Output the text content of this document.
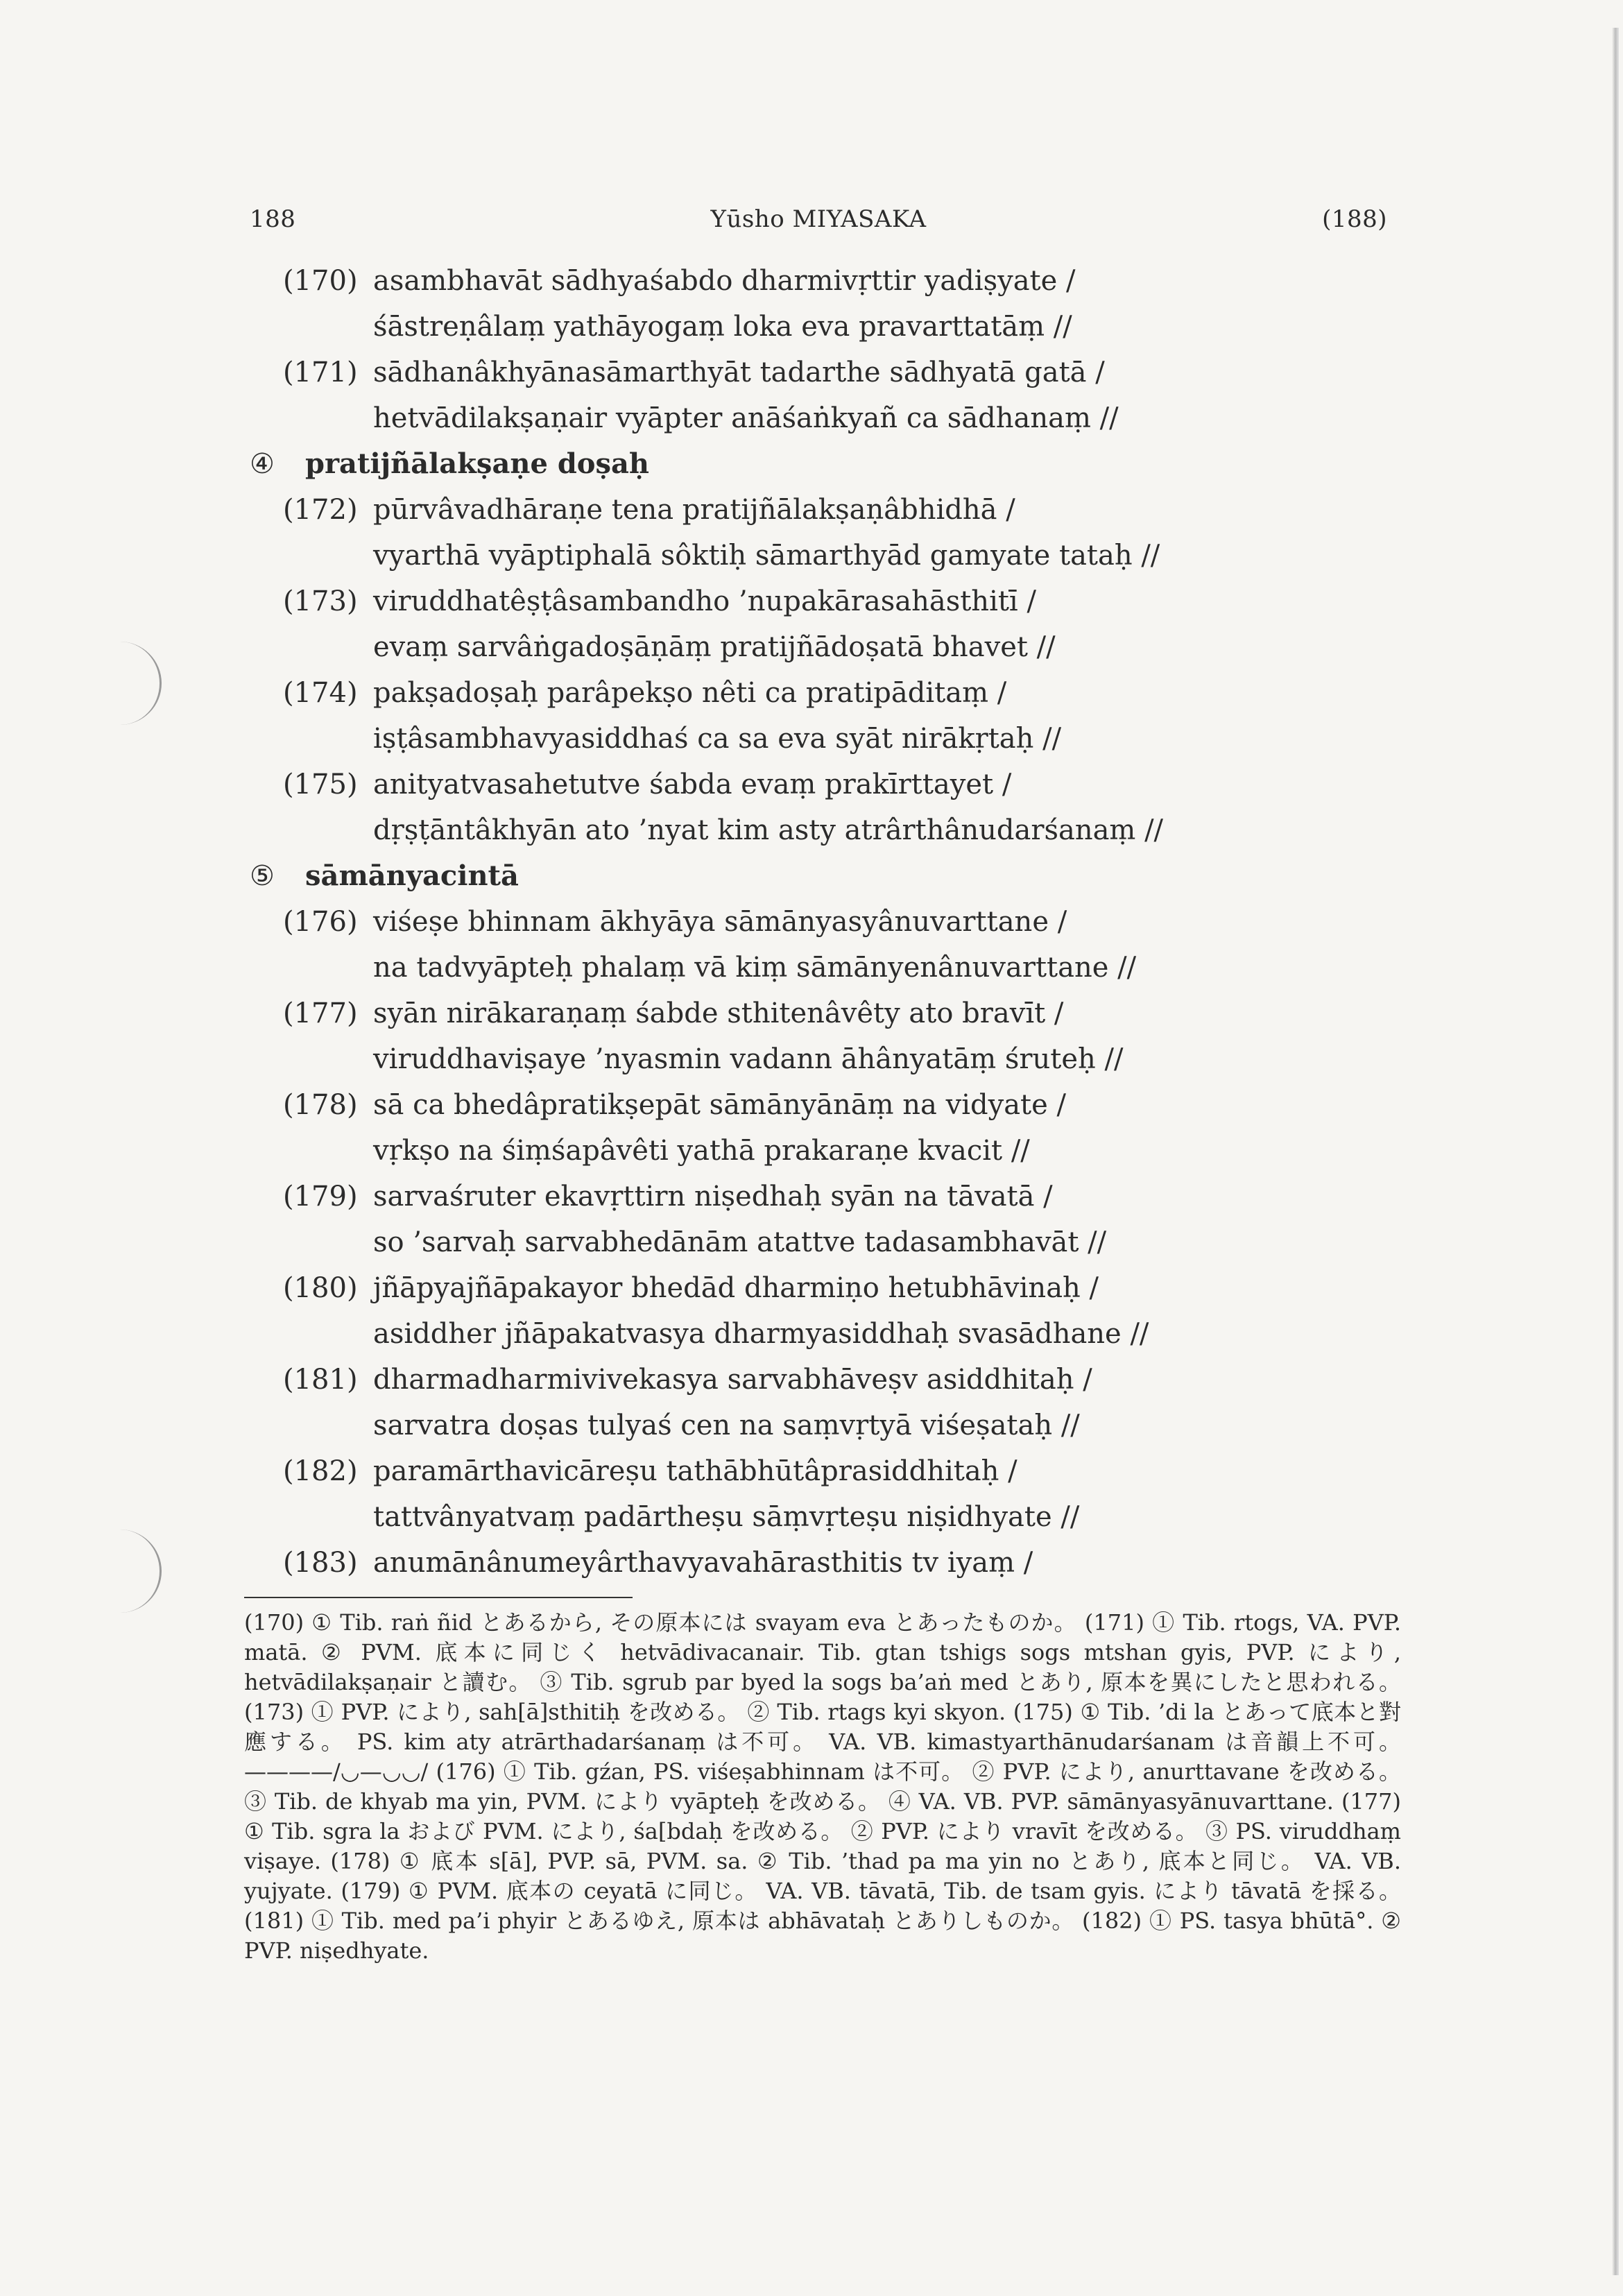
188	Yūsho MIYASAKA	(188)
(170) asambhavāt sādhyaśabdo dharmivṛttir yadiṣyate /
śāstreṇâlaṃ yathāyogaṃ loka eva pravarttatāṃ //
(171) sādhanâkhyānasāmarthyāt tadarthe sādhyatā gatā /
hetvādilakṣaṇair vyāpter anāśaṅkyañ ca sādhanaṃ //
④ pratijñālakṣaṇe doṣaḥ
(172) pūrvâvadhāraṇe tena pratijñālakṣaṇâbhidhā /
vyarthā vyāptiphalā sôktiḥ sāmarthyād gamyate tataḥ //
(173) viruddhatêṣṭâsambandho ’nupakārasahāsthitī /
evaṃ sarvâṅgadoṣāṇāṃ pratijñādoṣatā bhavet //
(174) pakṣadoṣaḥ parâpekṣo nêti ca pratipāditaṃ /
iṣṭâsambhavyasiddhaś ca sa eva syāt nirākṛtaḥ //
(175) anityatvasahetutve śabda evaṃ prakīrttayet /
dṛṣṭāntâkhyān ato ’nyat kim asty atrârthânudarśanaṃ //
⑤ sāmānyacintā
(176) viśeṣe bhinnam ākhyāya sāmānyasyânuvarttane /
na tadvyāpteḥ phalaṃ vā kiṃ sāmānyenânuvarttane //
(177) syān nirākaraṇaṃ śabde sthitenâvêty ato bravīt /
viruddhaviṣaye ’nyasmin vadann āhânyatāṃ śruteḥ //
(178) sā ca bhedâpratikṣepāt sāmānyānāṃ na vidyate /
vṛkṣo na śiṃśapâvêti yathā prakaraṇe kvacit //
(179) sarvaśruter ekavṛttirn niṣedhaḥ syān na tāvatā /
so ’sarvaḥ sarvabhedānām atattve tadasambhavāt //
(180) jñāpyajñāpakayor bhedād dharmiṇo hetubhāvinaḥ /
asiddher jñāpakatvasya dharmyasiddhaḥ svasādhane //
(181) dharmadharmivivekasya sarvabhāveṣv asiddhitaḥ /
sarvatra doṣas tulyaś cen na saṃvṛtyā viśeṣataḥ //
(182) paramārthavicāreṣu tathābhūtâprasiddhitaḥ /
tattvânyatvaṃ padārtheṣu sāṃvṛteṣu niṣidhyate //
(183) anumānânumeyârthavyavahārasthitis tv iyaṃ /
(170) ① Tib. raṅ ñid とあるから, その原本には svayam eva とあったものか。 (171) ① Tib. rtogs, VA. PVP. matā. ② PVM. 底本に同じく hetvādivacanair. Tib. gtan tshigs sogs mtshan gyis, PVP. により, hetvādilakṣaṇair と讀む。 ③ Tib. sgrub par byed la sogs ba’aṅ med とあり, 原本を異にしたと思われる。 (173) ① PVP. により, sah[ā]sthitiḥ を改める。 ② Tib. rtags kyi skyon. (175) ① Tib. ’di la とあって底本と對應する。 PS. kim aty atrārthadarśanaṃ は不可。 VA. VB. kimastyarthānudarśanam は音韻上不可。 ————/◡—◡◡/ (176) ① Tib. gźan, PS. viśeṣabhinnam は不可。 ② PVP. により, anurttavane を改める。 ③ Tib. de khyab ma yin, PVM. により vyāpteḥ を改める。 ④ VA. VB. PVP. sāmānyasyānuvarttane. (177) ① Tib. sgra la および PVM. により, śa[bdaḥ を改める。 ② PVP. により vravīt を改める。 ③ PS. viruddhaṃ viṣaye. (178) ① 底本 s[ā], PVP. sā, PVM. sa. ② Tib. ’thad pa ma yin no とあり, 底本と同じ。 VA. VB. yujyate. (179) ① PVM. 底本の ceyatā に同じ。 VA. VB. tāvatā, Tib. de tsam gyis. により tāvatā を採る。 (181) ① Tib. med pa’i phyir とあるゆえ, 原本は abhāvataḥ とありしものか。 (182) ① PS. tasya bhūtā°. ② PVP. niṣedhyate.
